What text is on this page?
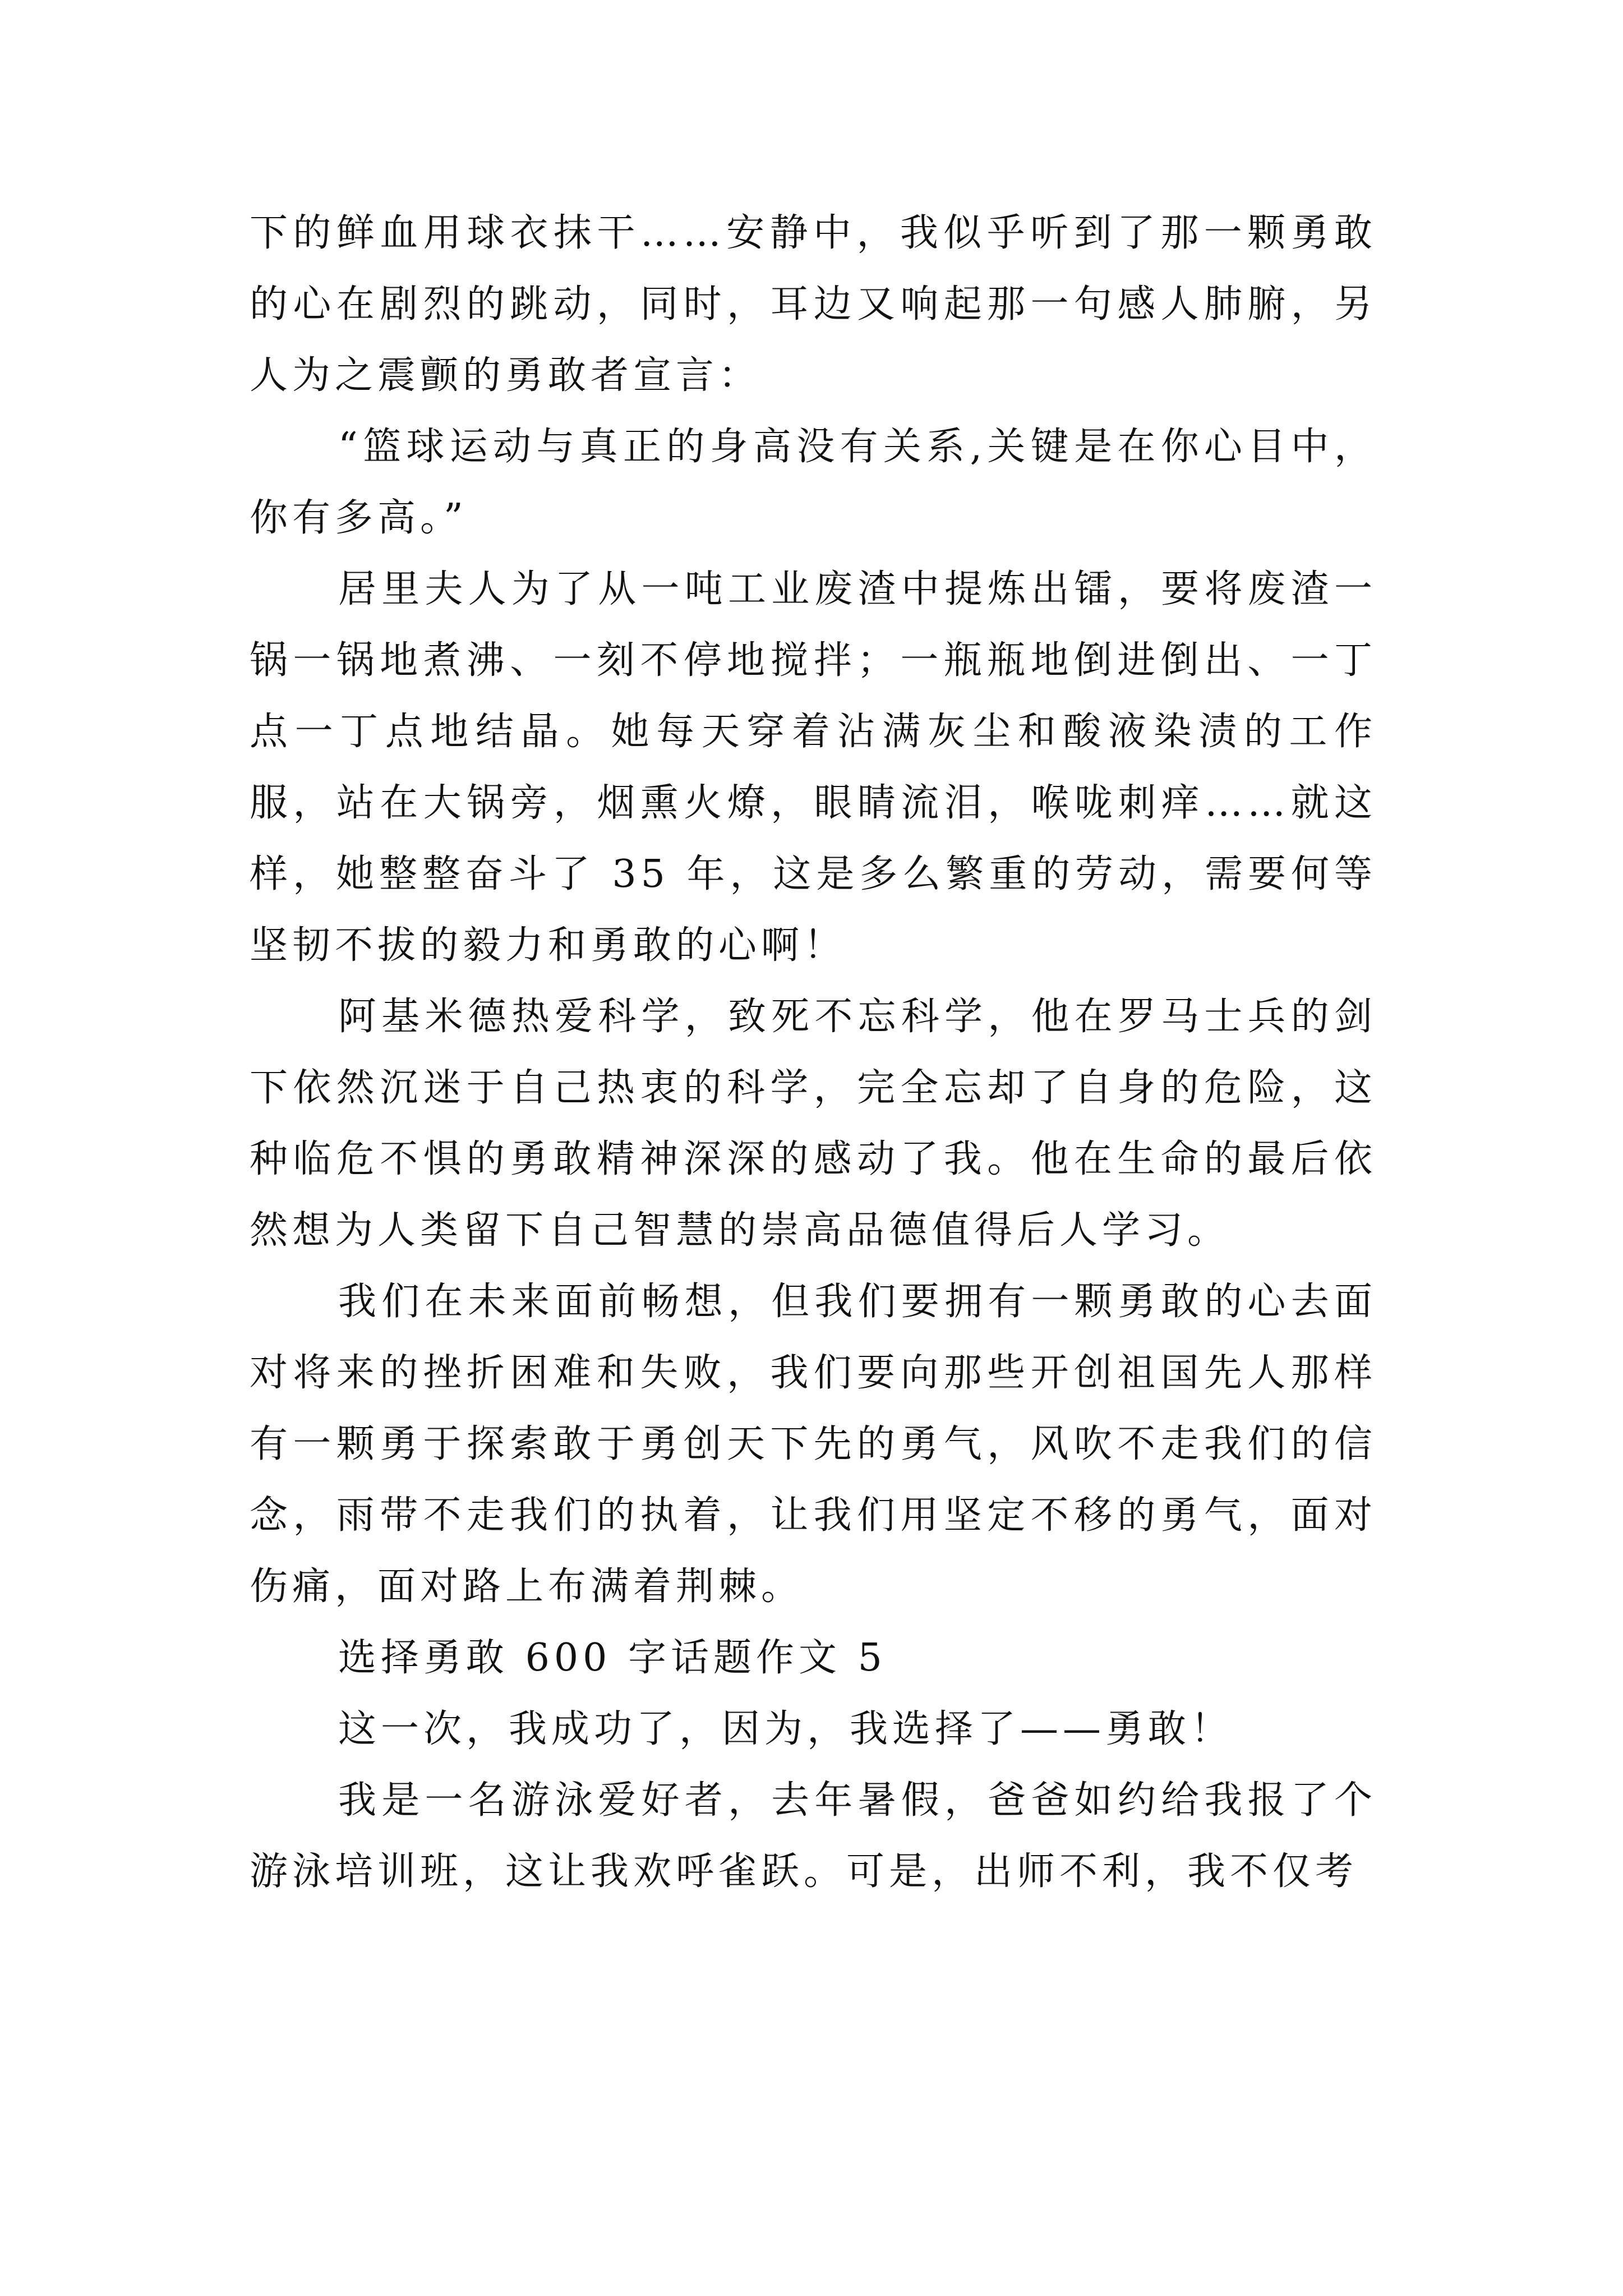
下的鲜血用球衣抹干……安静中，我似乎听到了那一颗勇敢的心在剧烈的跳动，同时，耳边又响起那一句感人肺腑，另人为之震颤的勇敢者宣言：

“篮球运动与真正的身高没有关系,关键是在你心目中，你有多高。”

居里夫人为了从一吨工业废渣中提炼出镭，要将废渣一锅一锅地煮沸、一刻不停地搅拌；一瓶瓶地倒进倒出、一丁点一丁点地结晶。她每天穿着沾满灰尘和酸液染渍的工作服，站在大锅旁，烟熏火燎，眼睛流泪，喉咙刺痒……就这样，她整整奋斗了 35 年，这是多么繁重的劳动，需要何等坚韧不拔的毅力和勇敢的心啊！

阿基米德热爱科学，致死不忘科学，他在罗马士兵的剑下依然沉迷于自己热衷的科学，完全忘却了自身的危险，这种临危不惧的勇敢精神深深的感动了我。他在生命的最后依然想为人类留下自己智慧的崇高品德值得后人学习。

我们在未来面前畅想，但我们要拥有一颗勇敢的心去面对将来的挫折困难和失败，我们要向那些开创祖国先人那样有一颗勇于探索敢于勇创天下先的勇气，风吹不走我们的信念，雨带不走我们的执着，让我们用坚定不移的勇气，面对伤痛，面对路上布满着荆棘。

选择勇敢 600 字话题作文 5

这一次，我成功了，因为，我选择了——勇敢！

我是一名游泳爱好者，去年暑假，爸爸如约给我报了个游泳培训班，这让我欢呼雀跃。可是，出师不利，我不仅考
